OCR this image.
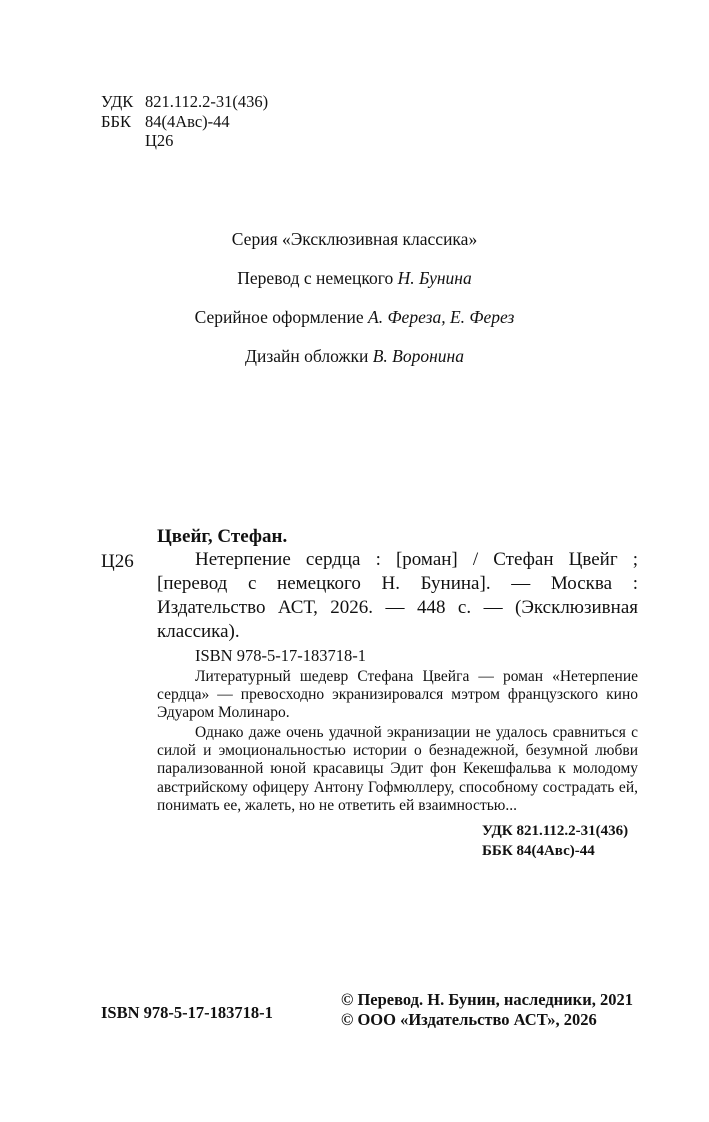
УДК 821.112.2-31(436)
ББК 84(4Авс)-44
Ц26
Серия «Эксклюзивная классика»
Перевод с немецкого Н. Бунина
Серийное оформление А. Фереза, Е. Ферез
Дизайн обложки В. Воронина
Ц26
Цвейг, Стефан.
Нетерпение сердца : [роман] / Стефан Цвейг ; [перевод с немецкого Н. Бунина]. — Москва : Издательство АСТ, 2026. — 448 с. — (Эксклюзивная классика).
ISBN 978-5-17-183718-1
Литературный шедевр Стефана Цвейга — роман «Нетерпение сердца» — превосходно экранизировался мэтром французского кино Эдуаром Молинаро.
Однако даже очень удачной экранизации не удалось сравниться с силой и эмоциональностью истории о безнадежной, безумной любви парализованной юной красавицы Эдит фон Кекешфальва к молодому австрийскому офицеру Антону Гофмюллеру, способному сострадать ей, понимать ее, жалеть, но не ответить ей взаимностью...
УДК 821.112.2-31(436)
ББК 84(4Авс)-44
ISBN 978-5-17-183718-1
© Перевод. Н. Бунин, наследники, 2021
© ООО «Издательство АСТ», 2026
